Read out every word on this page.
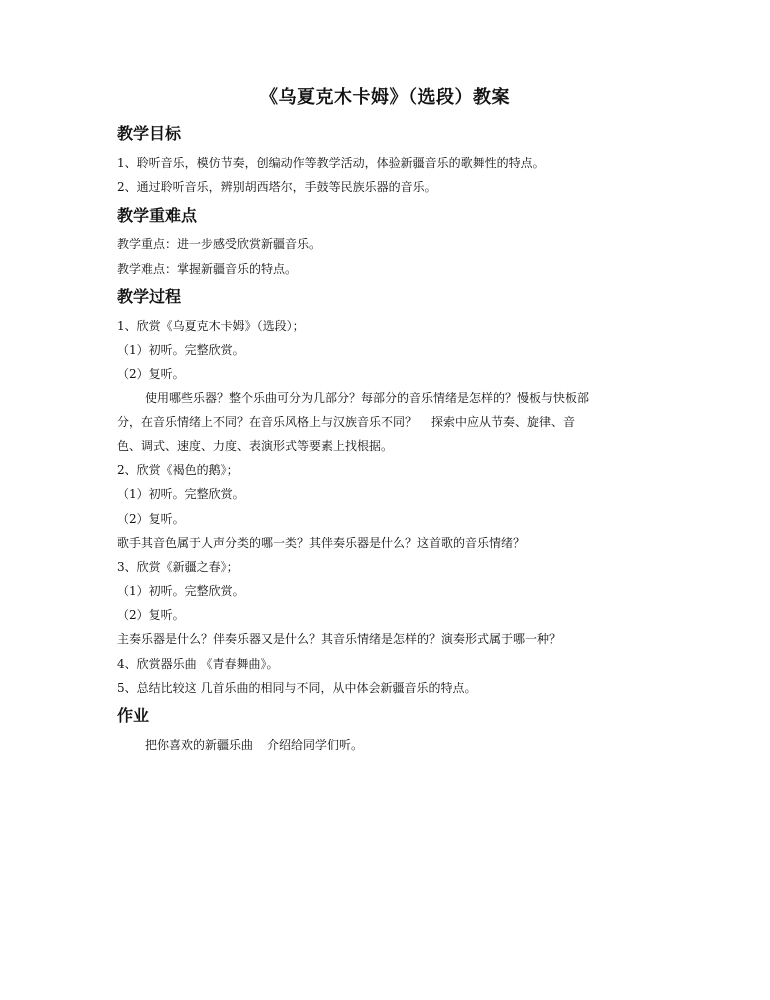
《乌夏克木卡姆》（选段）教案
教学目标
1、聆听音乐，模仿节奏，创编动作等教学活动，体验新疆音乐的歌舞性的特点。
2、通过聆听音乐，辨别胡西塔尔，手鼓等民族乐器的音乐。
教学重难点
教学重点：进一步感受欣赏新疆音乐。
教学难点：掌握新疆音乐的特点。
教学过程
1、欣赏《乌夏克木卡姆》（选段）；
（1）初听。完整欣赏。
（2）复听。
使用哪些乐器？整个乐曲可分为几部分？每部分的音乐情绪是怎样的？慢板与快板部
分，在音乐情绪上不同？在音乐风格上与汉族音乐不同？ 探索中应从节奏、旋律、音
色、调式、速度、力度、表演形式等要素上找根据。
2、欣赏《褐色的鹅》；
（1）初听。完整欣赏。
（2）复听。
歌手其音色属于人声分类的哪一类？其伴奏乐器是什么？这首歌的音乐情绪？
3、欣赏《新疆之春》；
（1）初听。完整欣赏。
（2）复听。
主奏乐器是什么？伴奏乐器又是什么？其音乐情绪是怎样的？演奏形式属于哪一种？
4、欣赏器乐曲 《青春舞曲》。
5、总结比较这 几首乐曲的相同与不同，从中体会新疆音乐的特点。
作业
把你喜欢的新疆乐曲 介绍给同学们听。
